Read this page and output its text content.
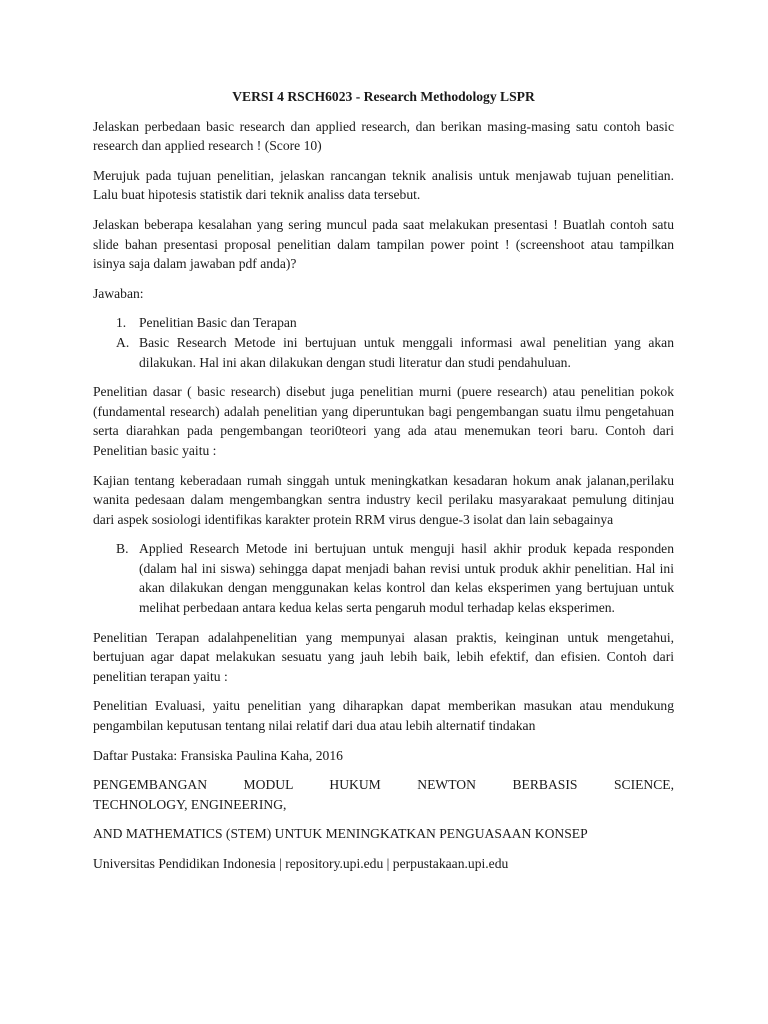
VERSI 4 RSCH6023 - Research Methodology LSPR

Jelaskan perbedaan basic research dan applied research, dan berikan masing-masing satu contoh basic research dan applied research ! (Score 10)

Merujuk pada tujuan penelitian, jelaskan rancangan teknik analisis untuk menjawab tujuan penelitian. Lalu buat hipotesis statistik dari teknik analiss data tersebut.

Jelaskan beberapa kesalahan yang sering muncul pada saat melakukan presentasi ! Buatlah contoh satu slide bahan presentasi proposal penelitian dalam tampilan power point ! (screenshoot atau tampilkan isinya saja dalam jawaban pdf anda)?

Jawaban:

1. Penelitian Basic dan Terapan
A. Basic Research Metode ini bertujuan untuk menggali informasi awal penelitian yang akan dilakukan. Hal ini akan dilakukan dengan studi literatur dan studi pendahuluan.

Penelitian dasar ( basic research) disebut juga penelitian murni (puere research) atau penelitian pokok (fundamental research) adalah penelitian yang diperuntukan bagi pengembangan suatu ilmu pengetahuan serta diarahkan pada pengembangan teori0teori yang ada atau menemukan teori baru. Contoh dari Penelitian basic yaitu :

Kajian tentang keberadaan rumah singgah untuk meningkatkan kesadaran hokum anak jalanan,perilaku wanita pedesaan dalam mengembangkan sentra industry kecil perilaku masyarakaat pemulung ditinjau dari aspek sosiologi identifikas karakter protein RRM virus dengue-3 isolat dan lain sebagainya

B. Applied Research Metode ini bertujuan untuk menguji hasil akhir produk kepada responden (dalam hal ini siswa) sehingga dapat menjadi bahan revisi untuk produk akhir penelitian. Hal ini akan dilakukan dengan menggunakan kelas kontrol dan kelas eksperimen yang bertujuan untuk melihat perbedaan antara kedua kelas serta pengaruh modul terhadap kelas eksperimen.

Penelitian Terapan adalahpenelitian yang mempunyai alasan praktis, keinginan untuk mengetahui, bertujuan agar dapat melakukan sesuatu yang jauh lebih baik, lebih efektif, dan efisien. Contoh dari penelitian terapan yaitu :

Penelitian Evaluasi, yaitu penelitian yang diharapkan dapat memberikan masukan atau mendukung pengambilan keputusan tentang nilai relatif dari dua atau lebih alternatif tindakan

Daftar Pustaka: Fransiska Paulina Kaha, 2016

PENGEMBANGAN MODUL HUKUM NEWTON BERBASIS SCIENCE,

TECHNOLOGY, ENGINEERING,

AND MATHEMATICS (STEM) UNTUK MENINGKATKAN PENGUASAAN KONSEP

Universitas Pendidikan Indonesia | repository.upi.edu | perpustakaan.upi.edu
